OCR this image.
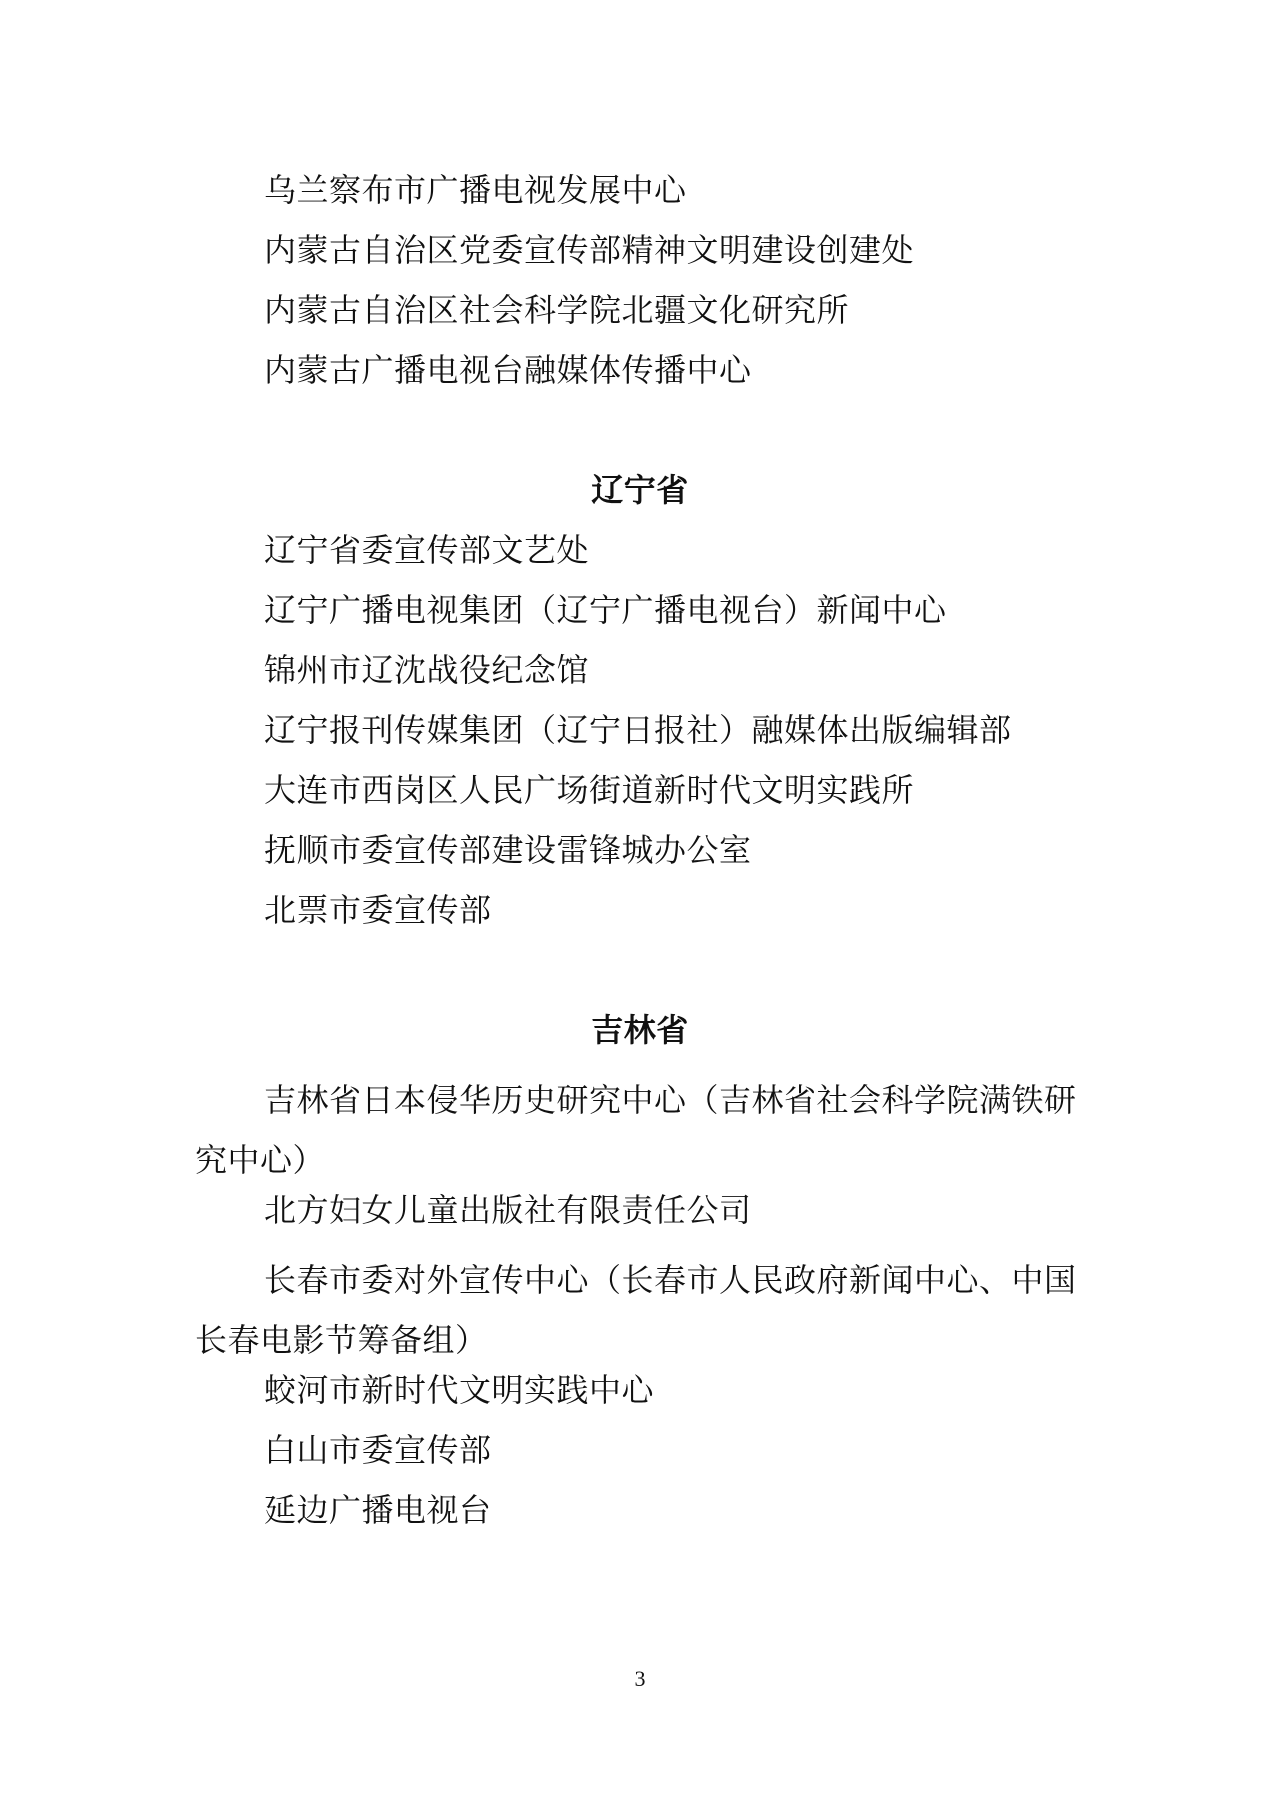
乌兰察布市广播电视发展中心
内蒙古自治区党委宣传部精神文明建设创建处
内蒙古自治区社会科学院北疆文化研究所
内蒙古广播电视台融媒体传播中心
辽宁省
辽宁省委宣传部文艺处
辽宁广播电视集团（辽宁广播电视台）新闻中心
锦州市辽沈战役纪念馆
辽宁报刊传媒集团（辽宁日报社）融媒体出版编辑部
大连市西岗区人民广场街道新时代文明实践所
抚顺市委宣传部建设雷锋城办公室
北票市委宣传部
吉林省
吉林省日本侵华历史研究中心（吉林省社会科学院满铁研究中心）
北方妇女儿童出版社有限责任公司
长春市委对外宣传中心（长春市人民政府新闻中心、中国长春电影节筹备组）
蛟河市新时代文明实践中心
白山市委宣传部
延边广播电视台
3
